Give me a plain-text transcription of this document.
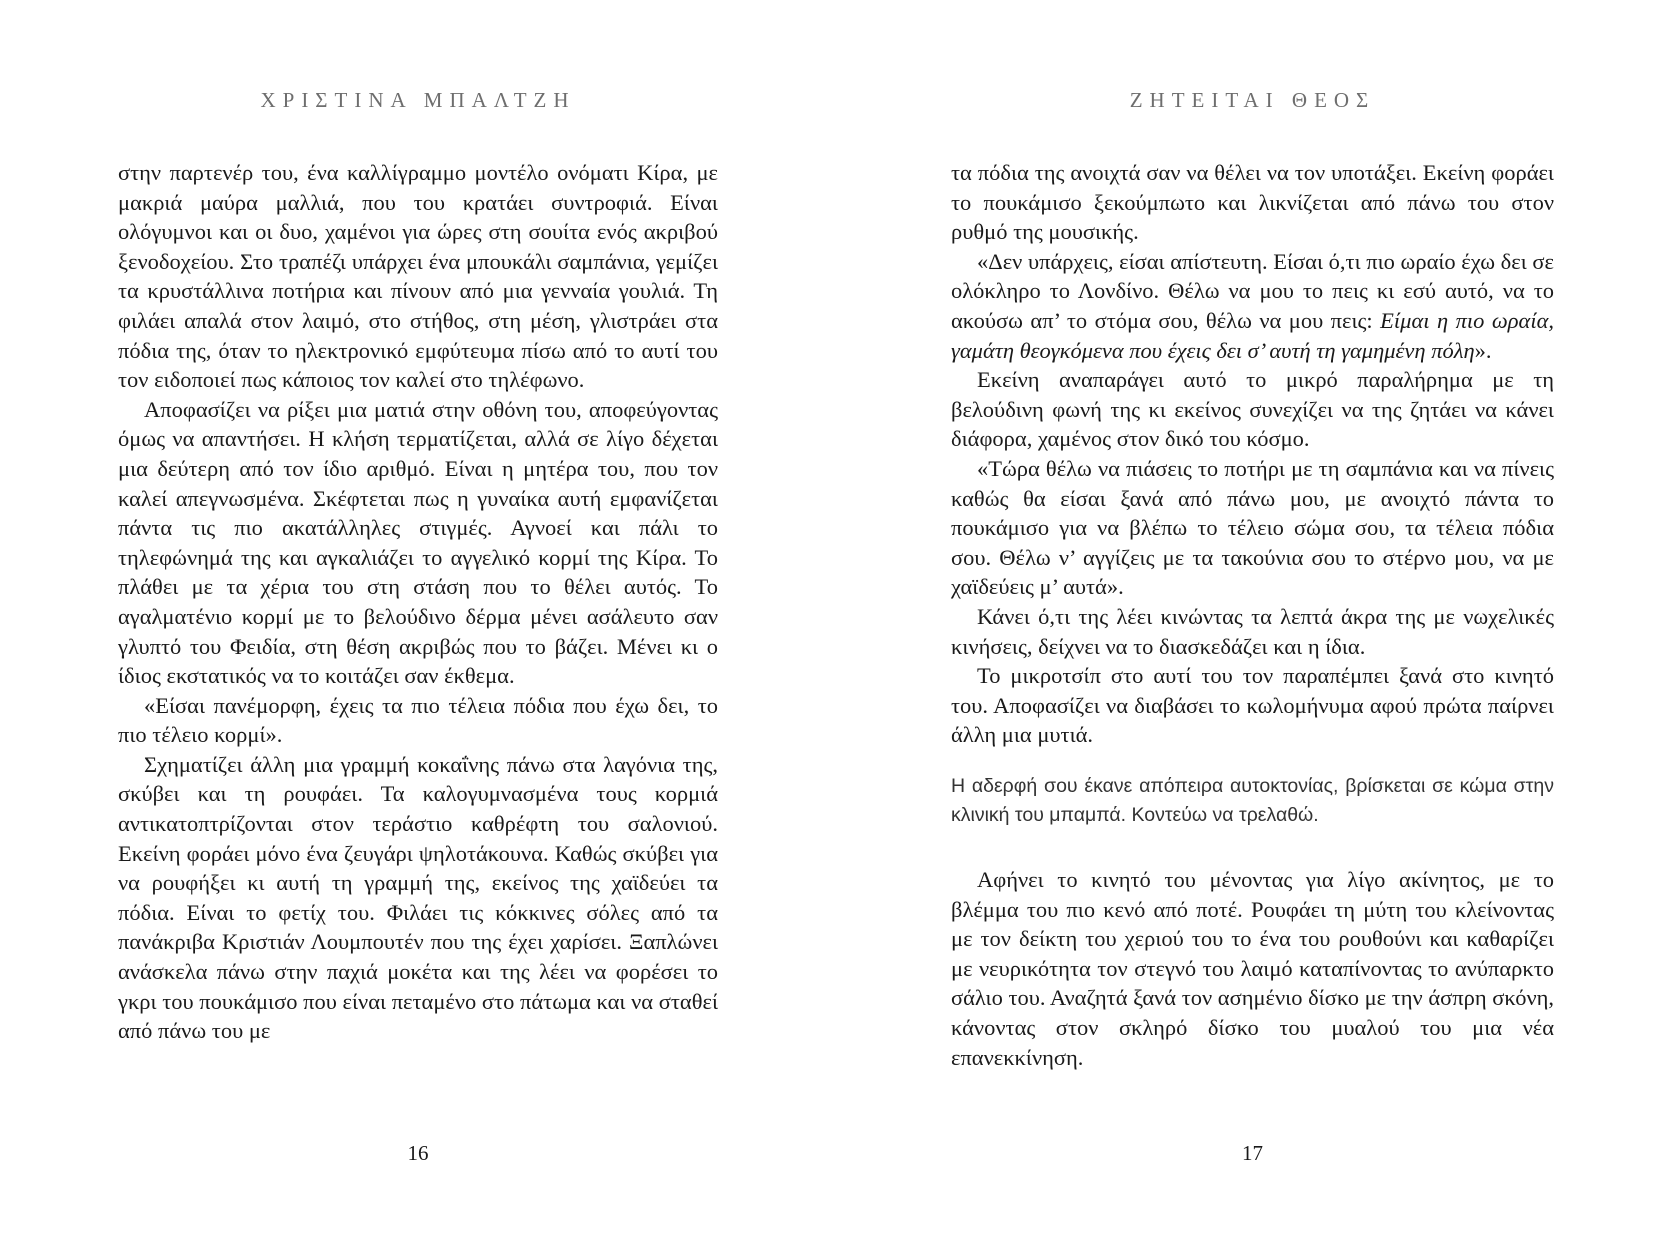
ΧΡΙΣΤΙΝΑ ΜΠΑΛΤΖΗ

στην παρτενέρ του, ένα καλλίγραμμο μοντέλο ονόματι Κίρα, με μακριά μαύρα μαλλιά, που του κρατάει συντροφιά. Είναι ολόγυμνοι και οι δυο, χαμένοι για ώρες στη σουίτα ενός ακριβού ξενοδοχείου. Στο τραπέζι υπάρχει ένα μπουκάλι σαμπάνια, γεμίζει τα κρυστάλλινα ποτήρια και πίνουν από μια γενναία γουλιά. Τη φιλάει απαλά στον λαιμό, στο στήθος, στη μέση, γλιστράει στα πόδια της, όταν το ηλεκτρονικό εμφύτευμα πίσω από το αυτί του τον ειδοποιεί πως κάποιος τον καλεί στο τηλέφωνο.

Αποφασίζει να ρίξει μια ματιά στην οθόνη του, αποφεύγοντας όμως να απαντήσει. Η κλήση τερματίζεται, αλλά σε λίγο δέχεται μια δεύτερη από τον ίδιο αριθμό. Είναι η μητέρα του, που τον καλεί απεγνωσμένα. Σκέφτεται πως η γυναίκα αυτή εμφανίζεται πάντα τις πιο ακατάλληλες στιγμές. Αγνοεί και πάλι το τηλεφώνημά της και αγκαλιάζει το αγγελικό κορμί της Κίρα. Το πλάθει με τα χέρια του στη στάση που το θέλει αυτός. Το αγαλματένιο κορμί με το βελούδινο δέρμα μένει ασάλευτο σαν γλυπτό του Φειδία, στη θέση ακριβώς που το βάζει. Μένει κι ο ίδιος εκστατικός να το κοιτάζει σαν έκθεμα.

«Είσαι πανέμορφη, έχεις τα πιο τέλεια πόδια που έχω δει, το πιο τέλειο κορμί».

Σχηματίζει άλλη μια γραμμή κοκαΐνης πάνω στα λαγόνια της, σκύβει και τη ρουφάει. Τα καλογυμνασμένα τους κορμιά αντικατοπτρίζονται στον τεράστιο καθρέφτη του σαλονιού. Εκείνη φοράει μόνο ένα ζευγάρι ψηλοτάκουνα. Καθώς σκύβει για να ρουφήξει κι αυτή τη γραμμή της, εκείνος της χαϊδεύει τα πόδια. Είναι το φετίχ του. Φιλάει τις κόκκινες σόλες από τα πανάκριβα Κριστιάν Λουμπουτέν που της έχει χαρίσει. Ξαπλώνει ανάσκελα πάνω στην παχιά μοκέτα και της λέει να φορέσει το γκρι του πουκάμισο που είναι πεταμένο στο πάτωμα και να σταθεί από πάνω του με

16
ΖΗΤΕΙΤΑΙ ΘΕΟΣ

τα πόδια της ανοιχτά σαν να θέλει να τον υποτάξει. Εκείνη φοράει το πουκάμισο ξεκούμπωτο και λικνίζεται από πάνω του στον ρυθμό της μουσικής.

«Δεν υπάρχεις, είσαι απίστευτη. Είσαι ό,τι πιο ωραίο έχω δει σε ολόκληρο το Λονδίνο. Θέλω να μου το πεις κι εσύ αυτό, να το ακούσω απ’ το στόμα σου, θέλω να μου πεις: Είμαι η πιο ωραία, γαμάτη θεογκόμενα που έχεις δει σ’ αυτή τη γαμημένη πόλη».

Εκείνη αναπαράγει αυτό το μικρό παραλήρημα με τη βελούδινη φωνή της κι εκείνος συνεχίζει να της ζητάει να κάνει διάφορα, χαμένος στον δικό του κόσμο.

«Τώρα θέλω να πιάσεις το ποτήρι με τη σαμπάνια και να πίνεις καθώς θα είσαι ξανά από πάνω μου, με ανοιχτό πάντα το πουκάμισο για να βλέπω το τέλειο σώμα σου, τα τέλεια πόδια σου. Θέλω ν’ αγγίζεις με τα τακούνια σου το στέρνο μου, να με χαϊδεύεις μ’ αυτά».

Κάνει ό,τι της λέει κινώντας τα λεπτά άκρα της με νωχελικές κινήσεις, δείχνει να το διασκεδάζει και η ίδια.

Το μικροτσίπ στο αυτί του τον παραπέμπει ξανά στο κινητό του. Αποφασίζει να διαβάσει το κωλομήνυμα αφού πρώτα παίρνει άλλη μια μυτιά.

Η αδερφή σου έκανε απόπειρα αυτοκτονίας, βρίσκεται σε κώμα στην κλινική του μπαμπά. Κοντεύω να τρελαθώ.

Αφήνει το κινητό του μένοντας για λίγο ακίνητος, με το βλέμμα του πιο κενό από ποτέ. Ρουφάει τη μύτη του κλείνοντας με τον δείκτη του χεριού του το ένα του ρουθούνι και καθαρίζει με νευρικότητα τον στεγνό του λαιμό καταπίνοντας το ανύπαρκτο σάλιο του. Αναζητά ξανά τον ασημένιο δίσκο με την άσπρη σκόνη, κάνοντας στον σκληρό δίσκο του μυαλού του μια νέα επανεκκίνηση.

17
